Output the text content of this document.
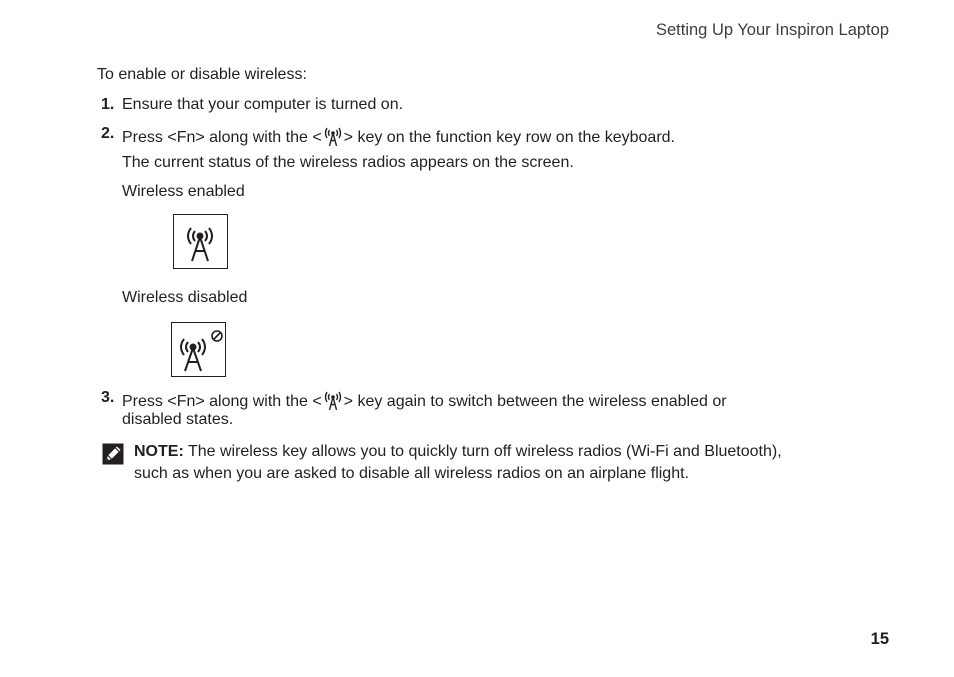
Setting Up Your Inspiron Laptop
To enable or disable wireless:
1. Ensure that your computer is turned on.
2. Press <Fn> along with the < > key on the function key row on the keyboard.
The current status of the wireless radios appears on the screen.
Wireless enabled
Wireless disabled
3. Press <Fn> along with the < > key again to switch between the wireless enabled or
disabled states.
NOTE: The wireless key allows you to quickly turn off wireless radios (Wi-Fi and Bluetooth),
such as when you are asked to disable all wireless radios on an airplane flight.
15
